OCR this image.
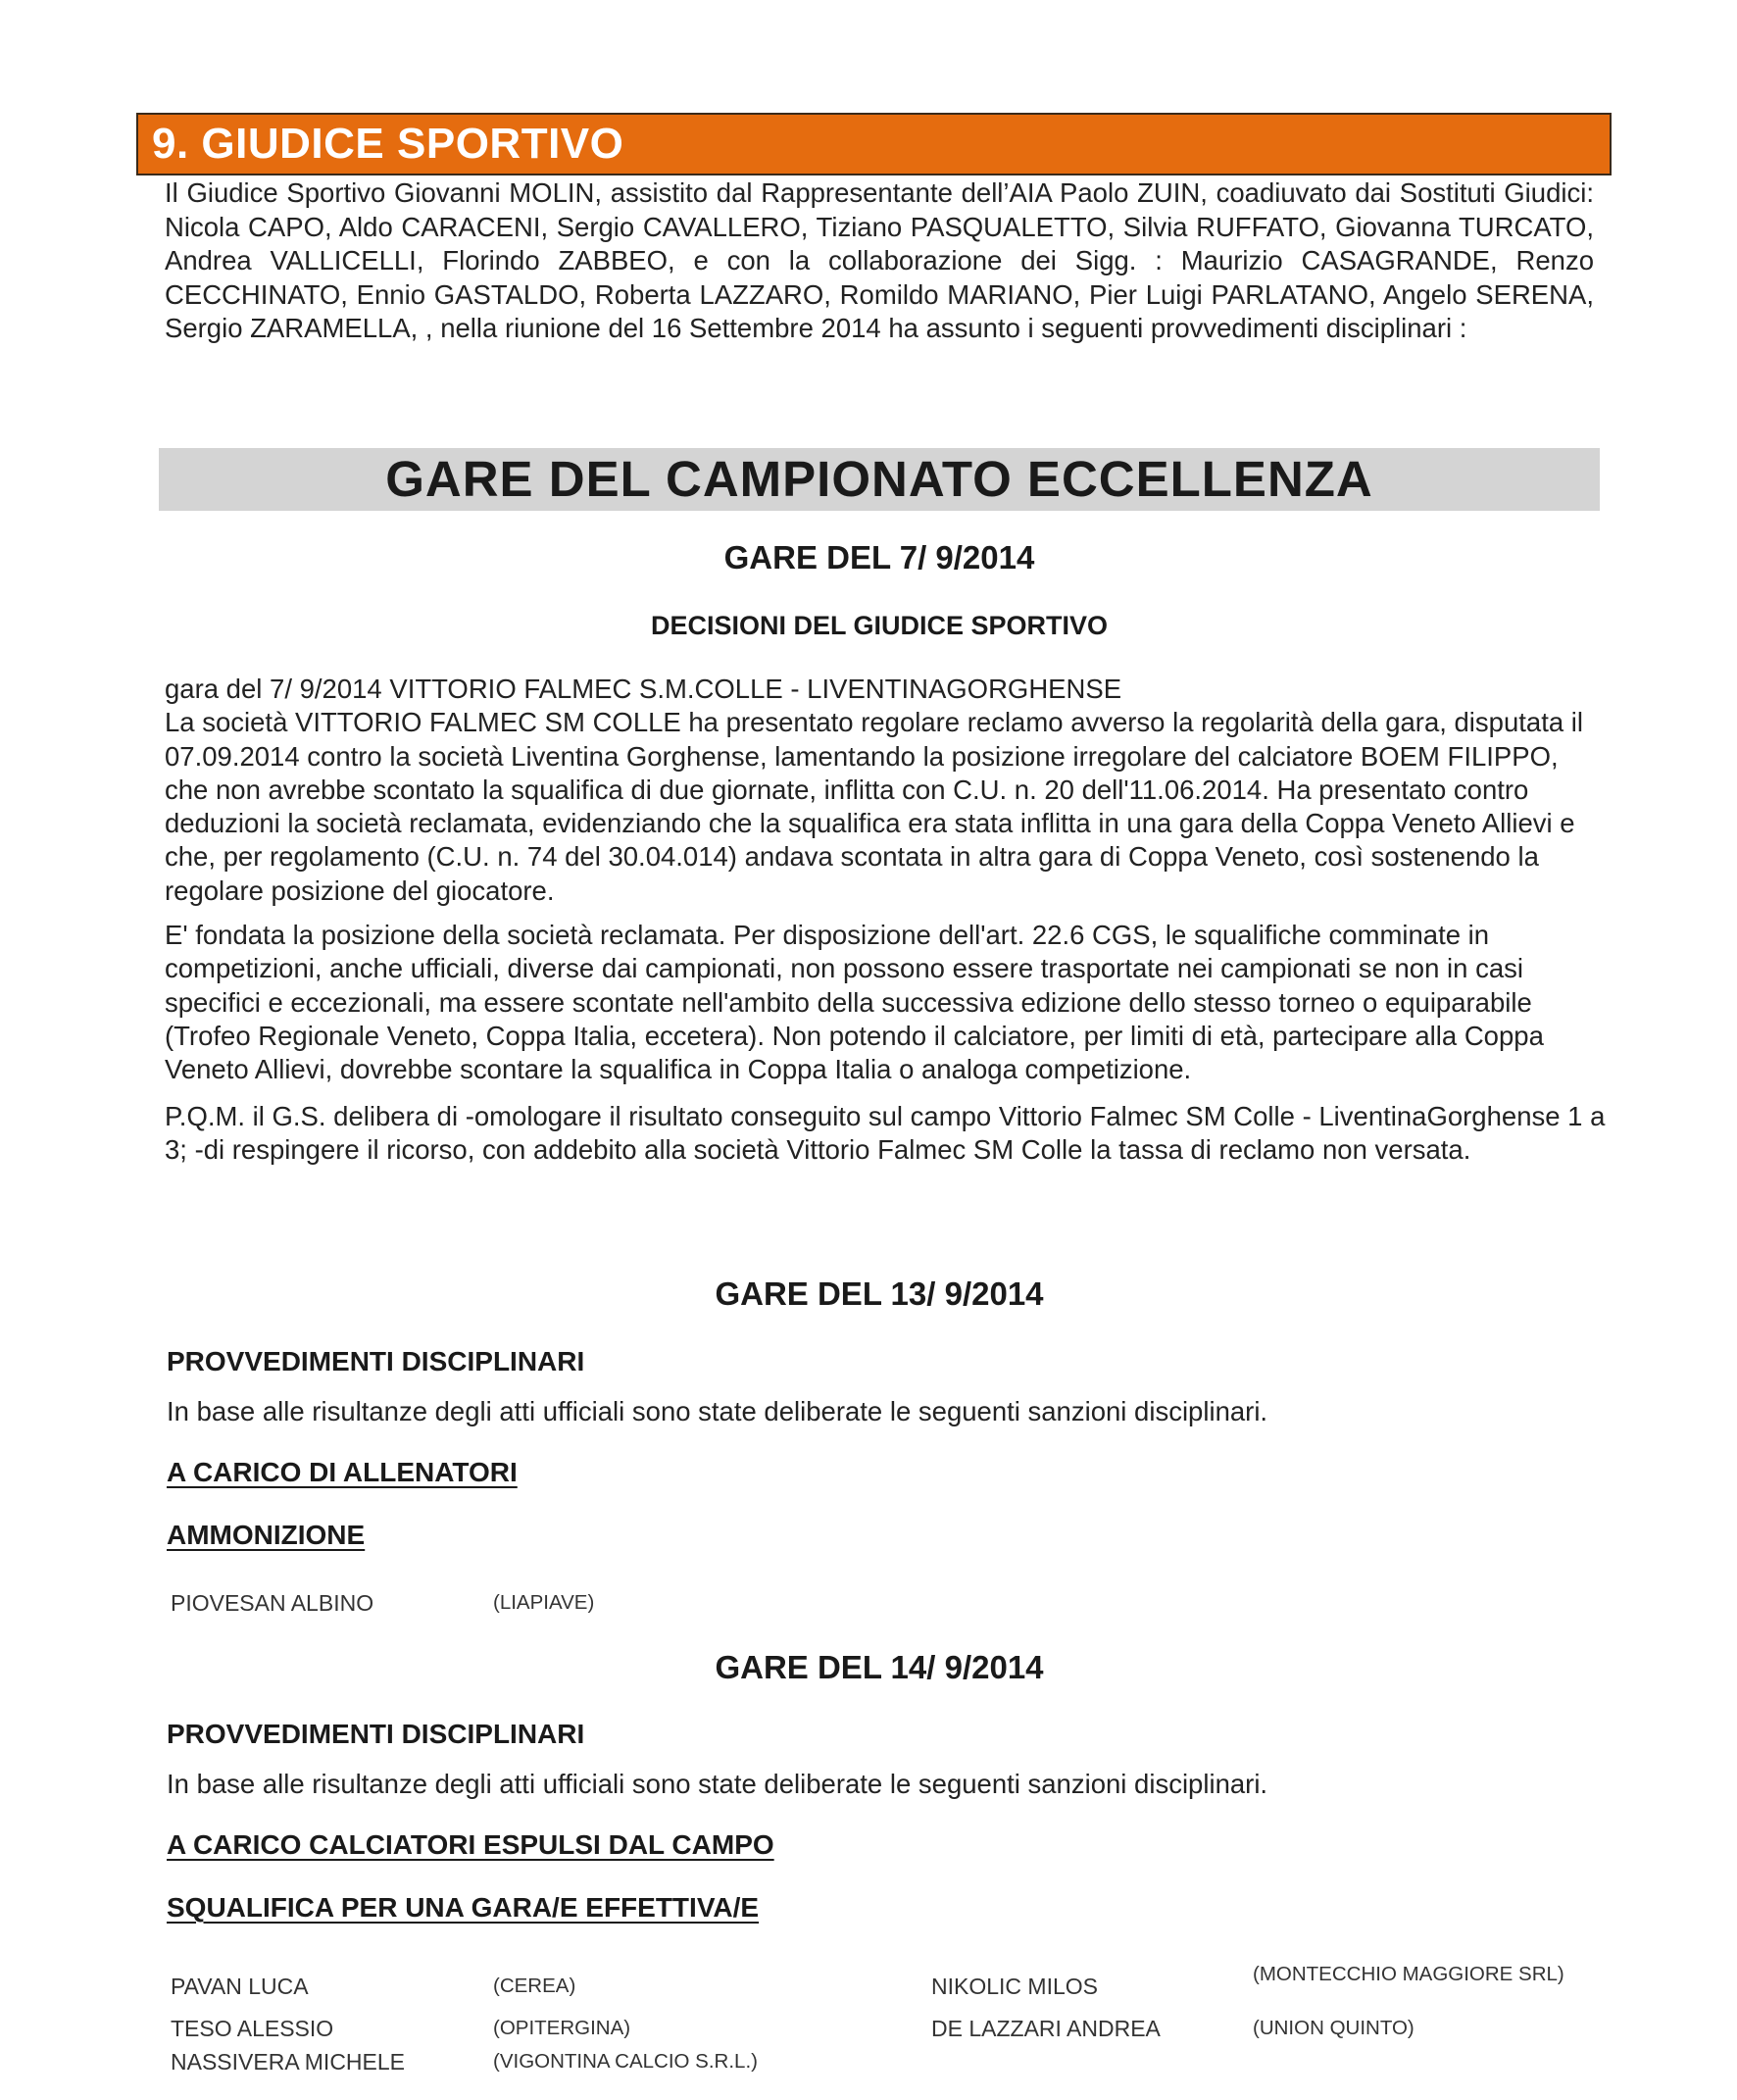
9. GIUDICE SPORTIVO

Il Giudice Sportivo Giovanni MOLIN, assistito dal Rappresentante dell’AIA Paolo ZUIN, coadiuvato dai Sostituti Giudici: Nicola CAPO, Aldo CARACENI, Sergio CAVALLERO, Tiziano PASQUALETTO, Silvia RUFFATO, Giovanna TURCATO, Andrea VALLICELLI, Florindo ZABBEO, e con la collaborazione dei Sigg. : Maurizio CASAGRANDE, Renzo CECCHINATO, Ennio GASTALDO, Roberta LAZZARO, Romildo MARIANO, Pier Luigi PARLATANO, Angelo SERENA, Sergio ZARAMELLA, , nella riunione del 16 Settembre 2014 ha assunto i seguenti provvedimenti disciplinari :

GARE DEL CAMPIONATO ECCELLENZA
GARE DEL 7/ 9/2014
DECISIONI DEL GIUDICE SPORTIVO

gara del 7/ 9/2014 VITTORIO FALMEC S.M.COLLE - LIVENTINAGORGHENSE
La società VITTORIO FALMEC SM COLLE ha presentato regolare reclamo avverso la regolarità della gara, disputata il 07.09.2014 contro la società Liventina Gorghense, lamentando la posizione irregolare del calciatore BOEM FILIPPO, che non avrebbe scontato la squalifica di due giornate, inflitta con C.U. n. 20 dell'11.06.2014. Ha presentato contro deduzioni la società reclamata, evidenziando che la squalifica era stata inflitta in una gara della Coppa Veneto Allievi e che, per regolamento (C.U. n. 74 del 30.04.014) andava scontata in altra gara di Coppa Veneto, così sostenendo la regolare posizione del giocatore.

E' fondata la posizione della società reclamata. Per disposizione dell'art. 22.6 CGS, le squalifiche comminate in competizioni, anche ufficiali, diverse dai campionati, non possono essere trasportate nei campionati se non in casi specifici e eccezionali, ma essere scontate nell'ambito della successiva edizione dello stesso torneo o equiparabile (Trofeo Regionale Veneto, Coppa Italia, eccetera). Non potendo il calciatore, per limiti di età, partecipare alla Coppa Veneto Allievi, dovrebbe scontare la squalifica in Coppa Italia o analoga competizione.

P.Q.M. il G.S. delibera di -omologare il risultato conseguito sul campo Vittorio Falmec SM Colle - LiventinaGorghense 1 a 3; -di respingere il ricorso, con addebito alla società Vittorio Falmec SM Colle la tassa di reclamo non versata.

GARE DEL 13/ 9/2014
PROVVEDIMENTI DISCIPLINARI
In base alle risultanze degli atti ufficiali sono state deliberate le seguenti sanzioni disciplinari.
A CARICO DI ALLENATORI
AMMONIZIONE
PIOVESAN ALBINO	(LIAPIAVE)
GARE DEL 14/ 9/2014
PROVVEDIMENTI DISCIPLINARI
In base alle risultanze degli atti ufficiali sono state deliberate le seguenti sanzioni disciplinari.
A CARICO CALCIATORI ESPULSI DAL CAMPO
SQUALIFICA PER UNA GARA/E EFFETTIVA/E
PAVAN LUCA	(CEREA)	NIKOLIC MILOS	(MONTECCHIO MAGGIORE SRL)
TESO ALESSIO	(OPITERGINA)	DE LAZZARI ANDREA	(UNION QUINTO)
NASSIVERA MICHELE	(VIGONTINA CALCIO S.R.L.)
